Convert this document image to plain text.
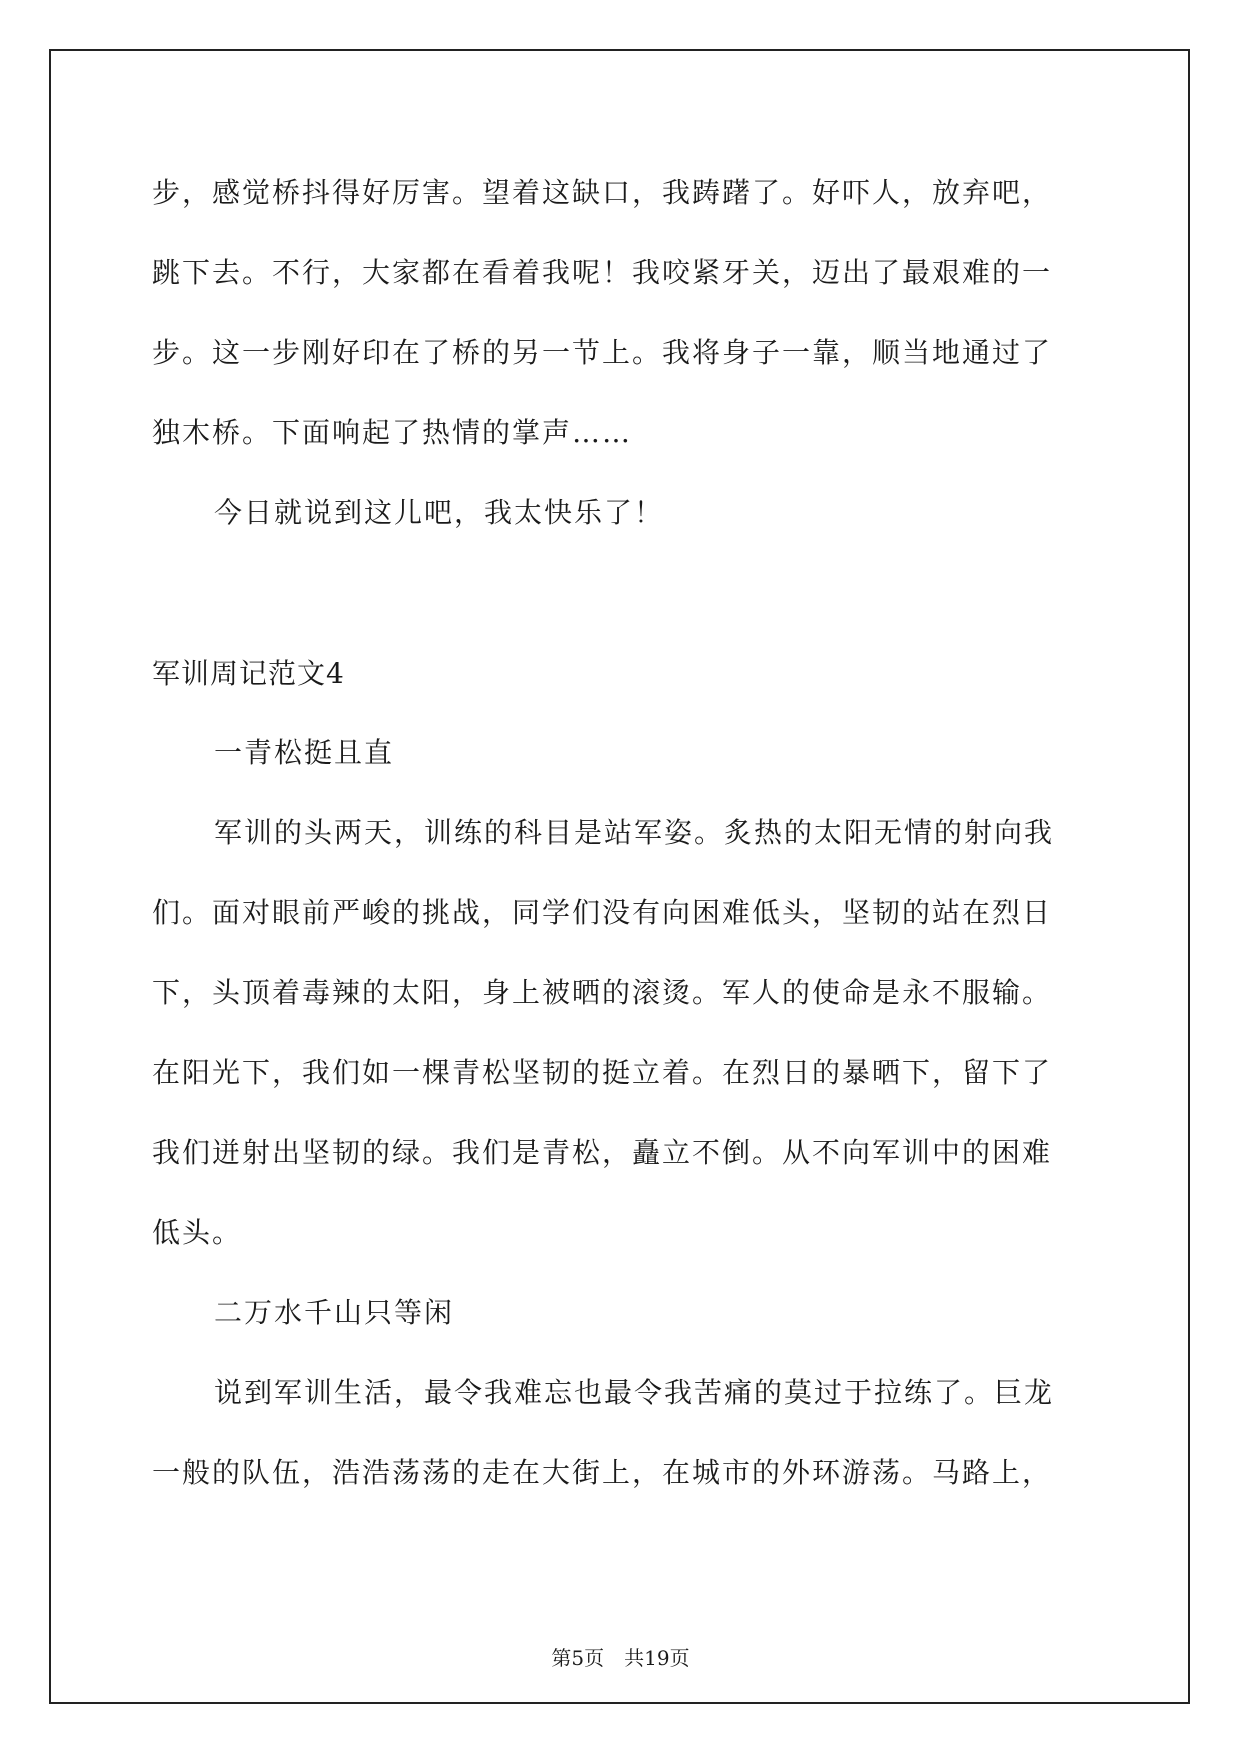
步，感觉桥抖得好厉害。望着这缺口，我踌躇了。好吓人，放弃吧，
跳下去。不行，大家都在看着我呢！我咬紧牙关，迈出了最艰难的一
步。这一步刚好印在了桥的另一节上。我将身子一靠，顺当地通过了
独木桥。下面响起了热情的掌声……
今日就说到这儿吧，我太快乐了！
军训周记范文4
一青松挺且直
军训的头两天，训练的科目是站军姿。炙热的太阳无情的射向我
们。面对眼前严峻的挑战，同学们没有向困难低头，坚韧的站在烈日
下，头顶着毒辣的太阳，身上被晒的滚烫。军人的使命是永不服输。
在阳光下，我们如一棵青松坚韧的挺立着。在烈日的暴晒下，留下了
我们迸射出坚韧的绿。我们是青松，矗立不倒。从不向军训中的困难
低头。
二万水千山只等闲
说到军训生活，最令我难忘也最令我苦痛的莫过于拉练了。巨龙
一般的队伍，浩浩荡荡的走在大街上，在城市的外环游荡。马路上，
第5页　共19页
